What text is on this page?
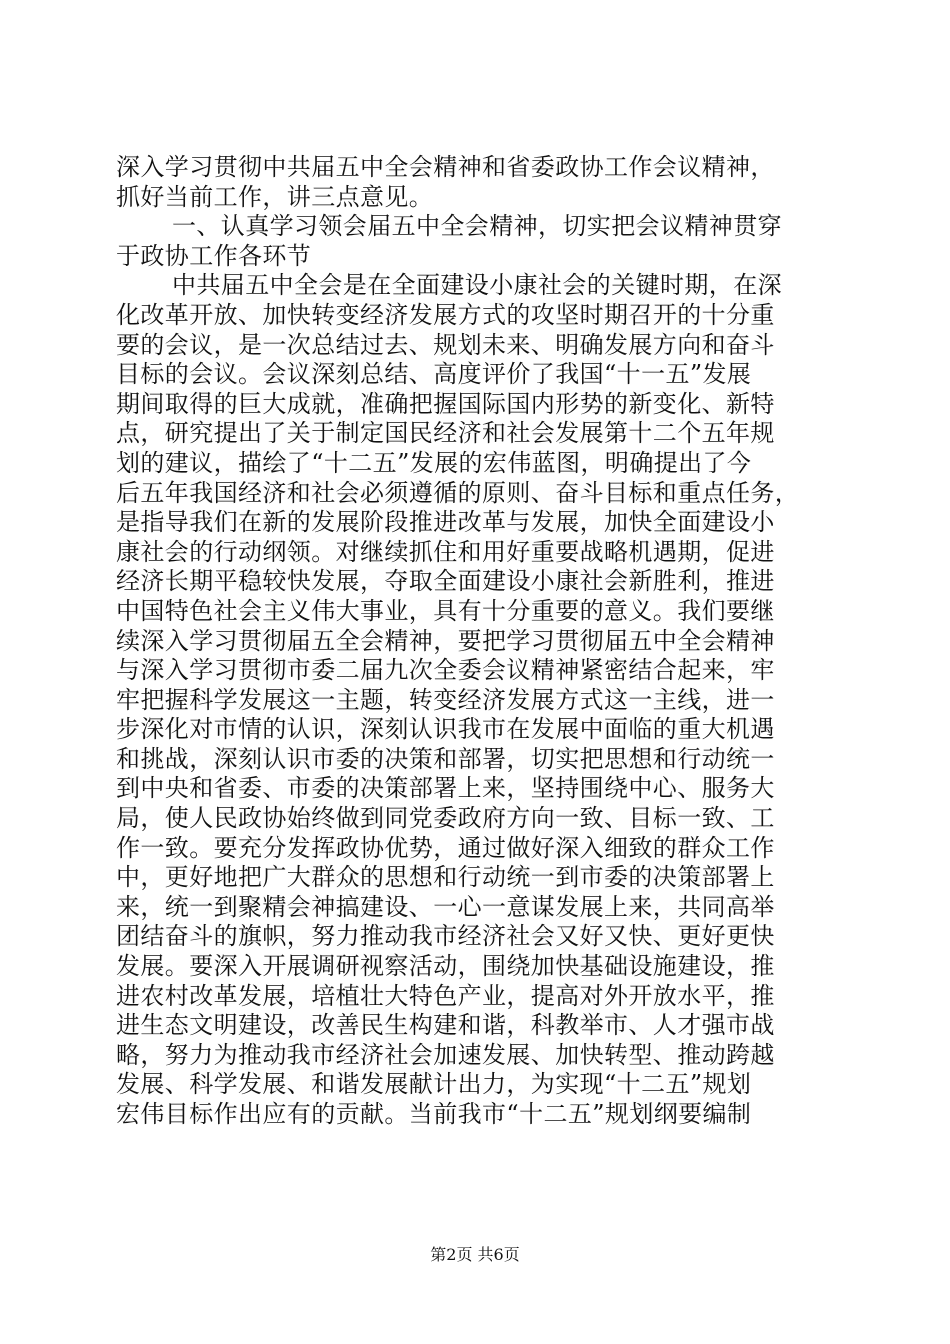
深入学习贯彻中共届五中全会精神和省委政协工作会议精神，
抓好当前工作，讲三点意见。
一、认真学习领会届五中全会精神，切实把会议精神贯穿
于政协工作各环节
中共届五中全会是在全面建设小康社会的关键时期，在深
化改革开放、加快转变经济发展方式的攻坚时期召开的十分重
要的会议，是一次总结过去、规划未来、明确发展方向和奋斗
目标的会议。会议深刻总结、高度评价了我国“十一五”发展
期间取得的巨大成就，准确把握国际国内形势的新变化、新特
点，研究提出了关于制定国民经济和社会发展第十二个五年规
划的建议，描绘了“十二五”发展的宏伟蓝图，明确提出了今
后五年我国经济和社会必须遵循的原则、奋斗目标和重点任务，
是指导我们在新的发展阶段推进改革与发展，加快全面建设小
康社会的行动纲领。对继续抓住和用好重要战略机遇期，促进
经济长期平稳较快发展，夺取全面建设小康社会新胜利，推进
中国特色社会主义伟大事业，具有十分重要的意义。我们要继
续深入学习贯彻届五全会精神，要把学习贯彻届五中全会精神
与深入学习贯彻市委二届九次全委会议精神紧密结合起来，牢
牢把握科学发展这一主题，转变经济发展方式这一主线，进一
步深化对市情的认识，深刻认识我市在发展中面临的重大机遇
和挑战，深刻认识市委的决策和部署，切实把思想和行动统一
到中央和省委、市委的决策部署上来，坚持围绕中心、服务大
局，使人民政协始终做到同党委政府方向一致、目标一致、工
作一致。要充分发挥政协优势，通过做好深入细致的群众工作
中，更好地把广大群众的思想和行动统一到市委的决策部署上
来，统一到聚精会神搞建设、一心一意谋发展上来，共同高举
团结奋斗的旗帜，努力推动我市经济社会又好又快、更好更快
发展。要深入开展调研视察活动，围绕加快基础设施建设，推
进农村改革发展，培植壮大特色产业，提高对外开放水平，推
进生态文明建设，改善民生构建和谐，科教举市、人才强市战
略，努力为推动我市经济社会加速发展、加快转型、推动跨越
发展、科学发展、和谐发展献计出力，为实现“十二五”规划
宏伟目标作出应有的贡献。当前我市“十二五”规划纲要编制
第2页 共6页
